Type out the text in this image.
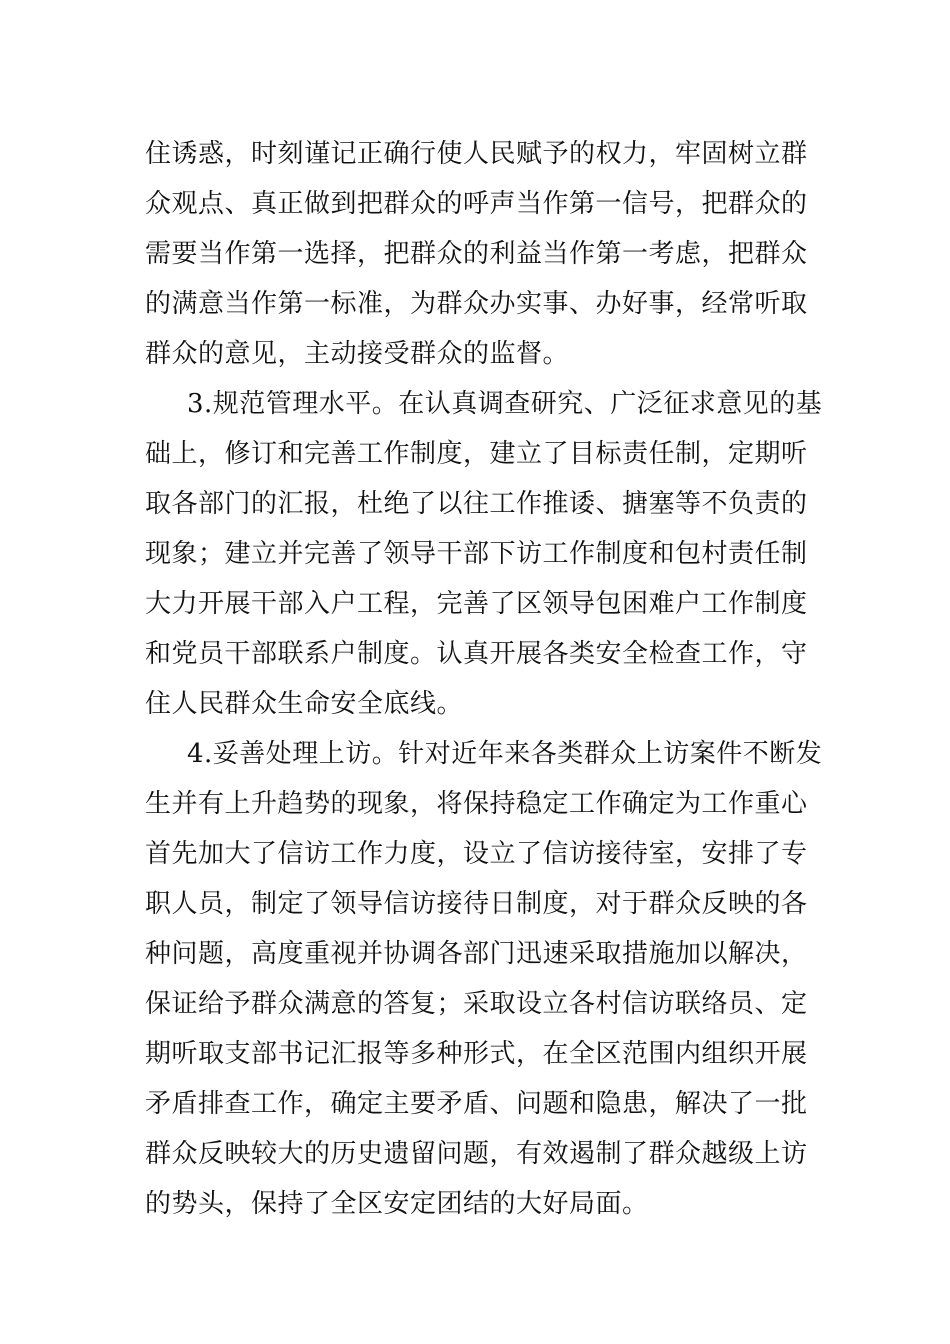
住诱惑，时刻谨记正确行使人民赋予的权力，牢固树立群
众观点、真正做到把群众的呼声当作第一信号，把群众的
需要当作第一选择，把群众的利益当作第一考虑，把群众
的满意当作第一标准，为群众办实事、办好事，经常听取
群众的意见，主动接受群众的监督。
3.规范管理水平。在认真调查研究、广泛征求意见的基
础上，修订和完善工作制度，建立了目标责任制，定期听
取各部门的汇报，杜绝了以往工作推诿、搪塞等不负责的
现象；建立并完善了领导干部下访工作制度和包村责任制
大力开展干部入户工程，完善了区领导包困难户工作制度
和党员干部联系户制度。认真开展各类安全检查工作，守
住人民群众生命安全底线。
4.妥善处理上访。针对近年来各类群众上访案件不断发
生并有上升趋势的现象，将保持稳定工作确定为工作重心
首先加大了信访工作力度，设立了信访接待室，安排了专
职人员，制定了领导信访接待日制度，对于群众反映的各
种问题，高度重视并协调各部门迅速采取措施加以解决，
保证给予群众满意的答复；采取设立各村信访联络员、定
期听取支部书记汇报等多种形式，在全区范围内组织开展
矛盾排查工作，确定主要矛盾、问题和隐患，解决了一批
群众反映较大的历史遗留问题，有效遏制了群众越级上访
的势头，保持了全区安定团结的大好局面。
